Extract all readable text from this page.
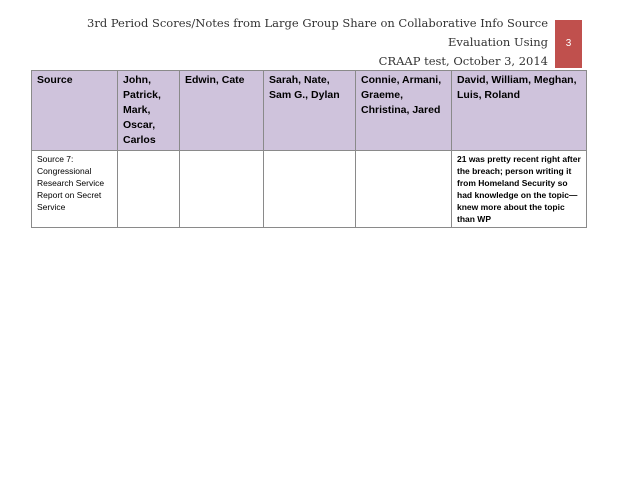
3rd Period Scores/Notes from Large Group Share on Collaborative Info Source Evaluation Using
CRAAP test, October 3, 2014
3
Source	John, Patrick, Mark, Oscar, Carlos	Edwin, Cate	Sarah, Nate, Sam G., Dylan	Connie, Armani, Graeme, Christina, Jared	David, William, Meghan, Luis, Roland
Source 7: Congressional Research Service Report on Secret Service					21 was pretty recent right after the breach; person writing it from Homeland Security so had knowledge on the topic—knew more about the topic than WP
